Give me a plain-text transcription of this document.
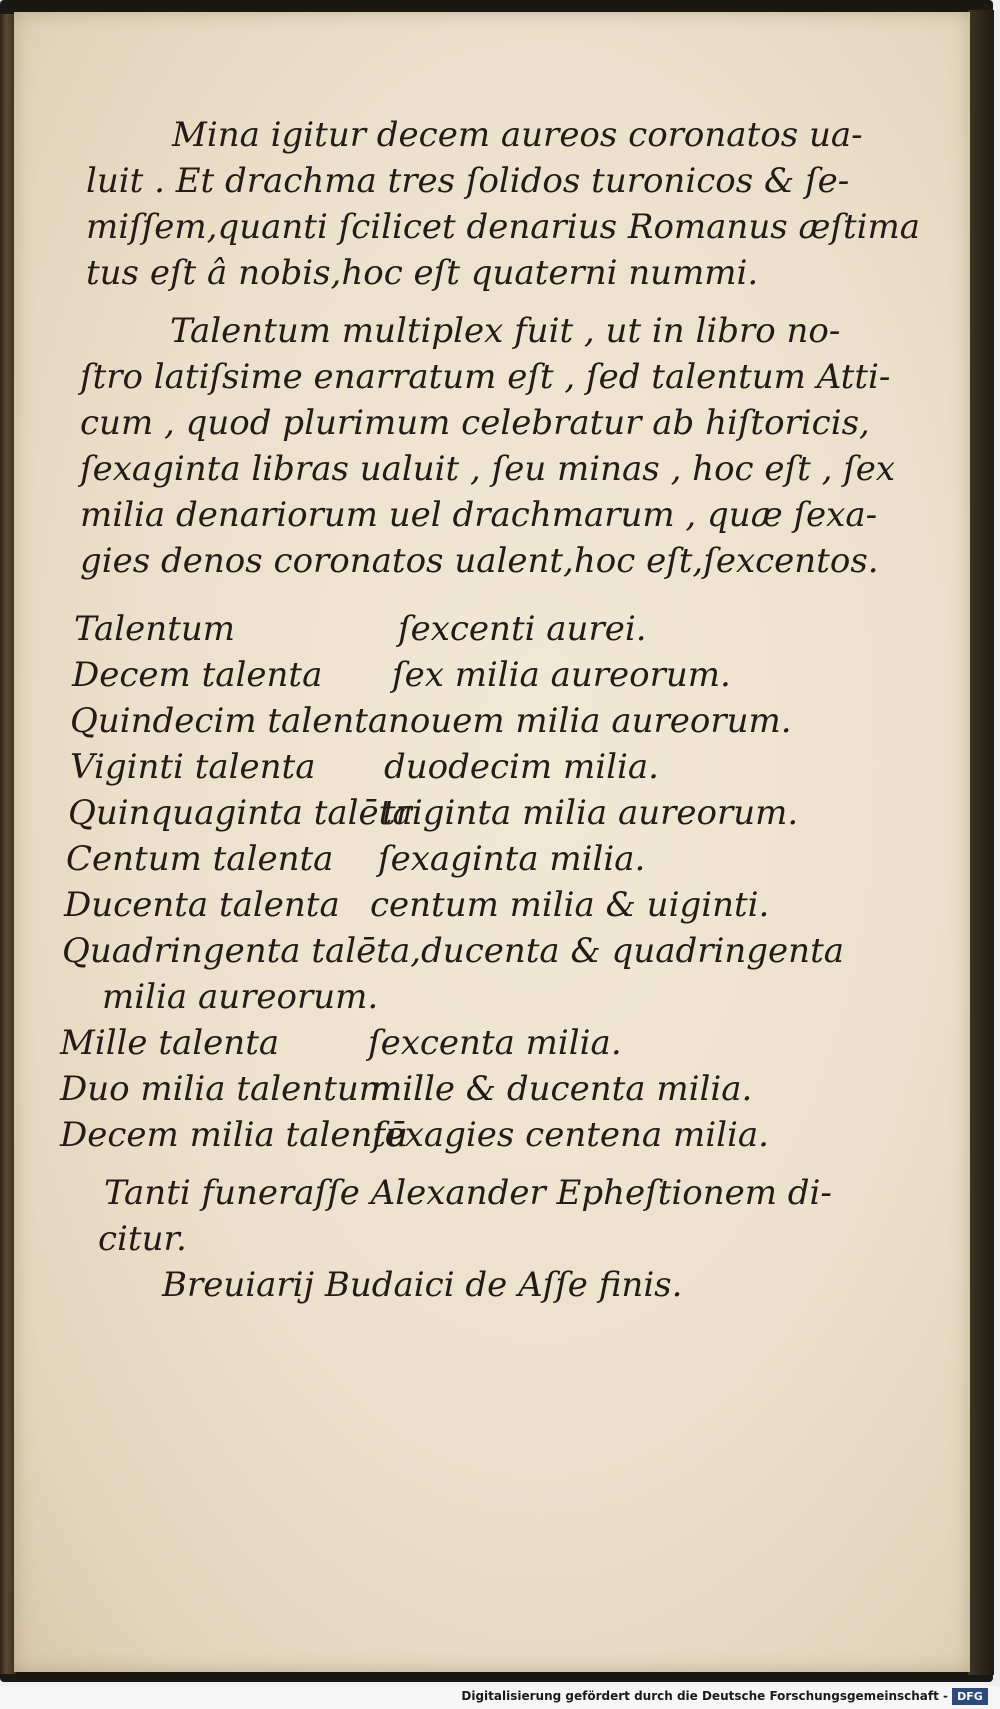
Mina igitur decem aureos coronatos ua-
luit . Et drachma tres ſolidos turonicos & ſe-
miſſem,quanti ſcilicet denarius Romanus æſtima
tus eſt â nobis,hoc eſt quaterni nummi.
Talentum multiplex fuit , ut in libro no-
ſtro latiſsime enarratum eſt , ſed talentum Atti-
cum , quod plurimum celebratur ab hiſtoricis,
ſexaginta libras ualuit , ſeu minas , hoc eſt , ſex
milia denariorum uel drachmarum , quæ ſexa-
gies denos coronatos ualent,hoc eſt,ſexcentos.
Talentum	ſexcenti aurei.
Decem talenta ſex milia aureorum.
Quindecim talenta nouem milia aureorum.
Viginti talenta duodecim milia.
Quinquaginta talēta
triginta milia aureorum.
Centum talenta ſexaginta milia.
Ducenta talenta centum milia & uiginti.
Quadringenta talēta,ducenta & quadringenta
milia aureorum.
Mille talenta	ſexcenta milia.
Duo milia talentum
mille & ducenta milia.
Decem milia talentū
ſexagies centena milia.
Tanti funeraſſe Alexander Epheſtionem di-
citur.
Breuiarij Budaici de Aſſe finis.
Digitalisierung gefördert durch die Deutsche Forschungsgemeinschaft - DFG
